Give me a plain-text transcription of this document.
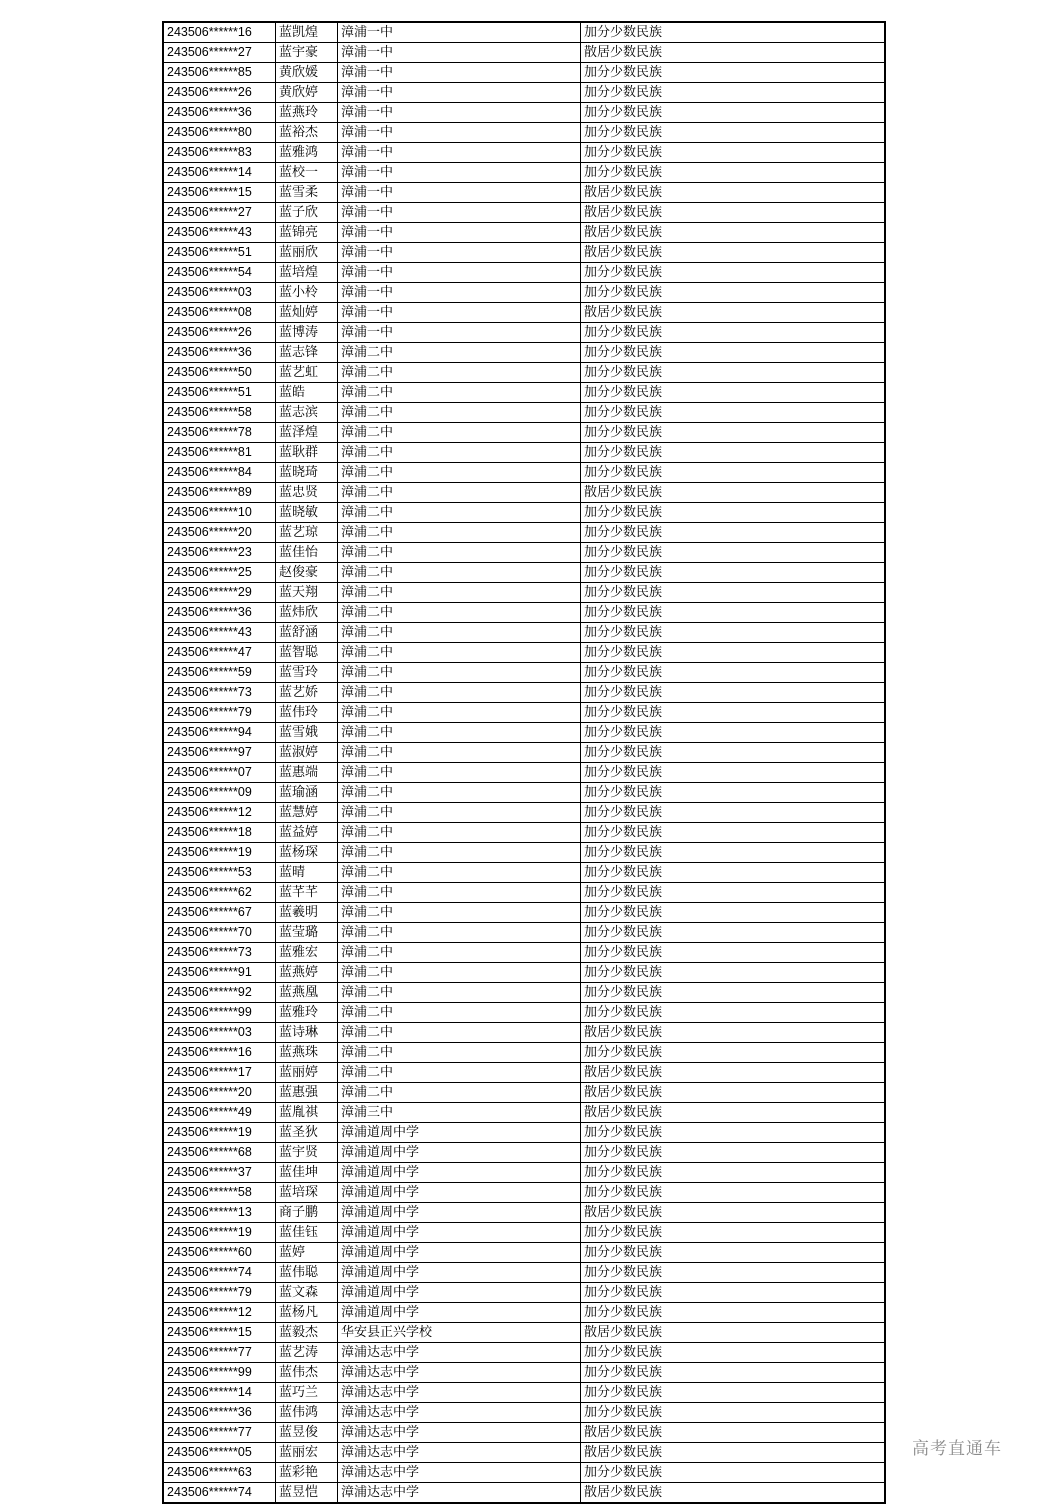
243506******16	蓝凯煌	漳浦一中	加分少数民族
243506******27	蓝宇豪	漳浦一中	散居少数民族
243506******85	黄欣媛	漳浦一中	加分少数民族
243506******26	黄欣婷	漳浦一中	加分少数民族
243506******36	蓝燕玲	漳浦一中	加分少数民族
243506******80	蓝裕杰	漳浦一中	加分少数民族
243506******83	蓝雅鸿	漳浦一中	加分少数民族
243506******14	蓝校一	漳浦一中	加分少数民族
243506******15	蓝雪柔	漳浦一中	散居少数民族
243506******27	蓝子欣	漳浦一中	散居少数民族
243506******43	蓝锦亮	漳浦一中	散居少数民族
243506******51	蓝丽欣	漳浦一中	散居少数民族
243506******54	蓝培煌	漳浦一中	加分少数民族
243506******03	蓝小柃	漳浦一中	加分少数民族
243506******08	蓝灿婷	漳浦一中	散居少数民族
243506******26	蓝博涛	漳浦一中	加分少数民族
243506******36	蓝志锋	漳浦二中	加分少数民族
243506******50	蓝艺虹	漳浦二中	加分少数民族
243506******51	蓝皓	漳浦二中	加分少数民族
243506******58	蓝志滨	漳浦二中	加分少数民族
243506******78	蓝泽煌	漳浦二中	加分少数民族
243506******81	蓝耿群	漳浦二中	加分少数民族
243506******84	蓝晓琦	漳浦二中	加分少数民族
243506******89	蓝忠贤	漳浦二中	散居少数民族
243506******10	蓝晓敏	漳浦二中	加分少数民族
243506******20	蓝艺琼	漳浦二中	加分少数民族
243506******23	蓝佳怡	漳浦二中	加分少数民族
243506******25	赵俊豪	漳浦二中	加分少数民族
243506******29	蓝天翔	漳浦二中	加分少数民族
243506******36	蓝炜欣	漳浦二中	加分少数民族
243506******43	蓝舒涵	漳浦二中	加分少数民族
243506******47	蓝智聪	漳浦二中	加分少数民族
243506******59	蓝雪玲	漳浦二中	加分少数民族
243506******73	蓝艺娇	漳浦二中	加分少数民族
243506******79	蓝伟玲	漳浦二中	加分少数民族
243506******94	蓝雪娥	漳浦二中	加分少数民族
243506******97	蓝淑婷	漳浦二中	加分少数民族
243506******07	蓝惠端	漳浦二中	加分少数民族
243506******09	蓝瑜涵	漳浦二中	加分少数民族
243506******12	蓝慧婷	漳浦二中	加分少数民族
243506******18	蓝益婷	漳浦二中	加分少数民族
243506******19	蓝杨琛	漳浦二中	加分少数民族
243506******53	蓝晴	漳浦二中	加分少数民族
243506******62	蓝芊芊	漳浦二中	加分少数民族
243506******67	蓝羲明	漳浦二中	加分少数民族
243506******70	蓝莹璐	漳浦二中	加分少数民族
243506******73	蓝雅宏	漳浦二中	加分少数民族
243506******91	蓝燕婷	漳浦二中	加分少数民族
243506******92	蓝燕凰	漳浦二中	加分少数民族
243506******99	蓝雅玲	漳浦二中	加分少数民族
243506******03	蓝诗琳	漳浦二中	散居少数民族
243506******16	蓝燕珠	漳浦二中	加分少数民族
243506******17	蓝丽婷	漳浦二中	散居少数民族
243506******20	蓝惠强	漳浦二中	散居少数民族
243506******49	蓝胤祺	漳浦三中	散居少数民族
243506******19	蓝圣狄	漳浦道周中学	加分少数民族
243506******68	蓝宇贤	漳浦道周中学	加分少数民族
243506******37	蓝佳坤	漳浦道周中学	加分少数民族
243506******58	蓝培琛	漳浦道周中学	加分少数民族
243506******13	商子鹏	漳浦道周中学	散居少数民族
243506******19	蓝佳钰	漳浦道周中学	加分少数民族
243506******60	蓝婷	漳浦道周中学	加分少数民族
243506******74	蓝伟聪	漳浦道周中学	加分少数民族
243506******79	蓝文森	漳浦道周中学	加分少数民族
243506******12	蓝杨凡	漳浦道周中学	加分少数民族
243506******15	蓝毅杰	华安县正兴学校	散居少数民族
243506******77	蓝艺涛	漳浦达志中学	加分少数民族
243506******99	蓝伟杰	漳浦达志中学	加分少数民族
243506******14	蓝巧兰	漳浦达志中学	加分少数民族
243506******36	蓝伟鸿	漳浦达志中学	加分少数民族
243506******77	蓝昱俊	漳浦达志中学	散居少数民族
243506******05	蓝丽宏	漳浦达志中学	散居少数民族
243506******63	蓝彩艳	漳浦达志中学	加分少数民族
243506******74	蓝昱恺	漳浦达志中学	散居少数民族
高考直通车
